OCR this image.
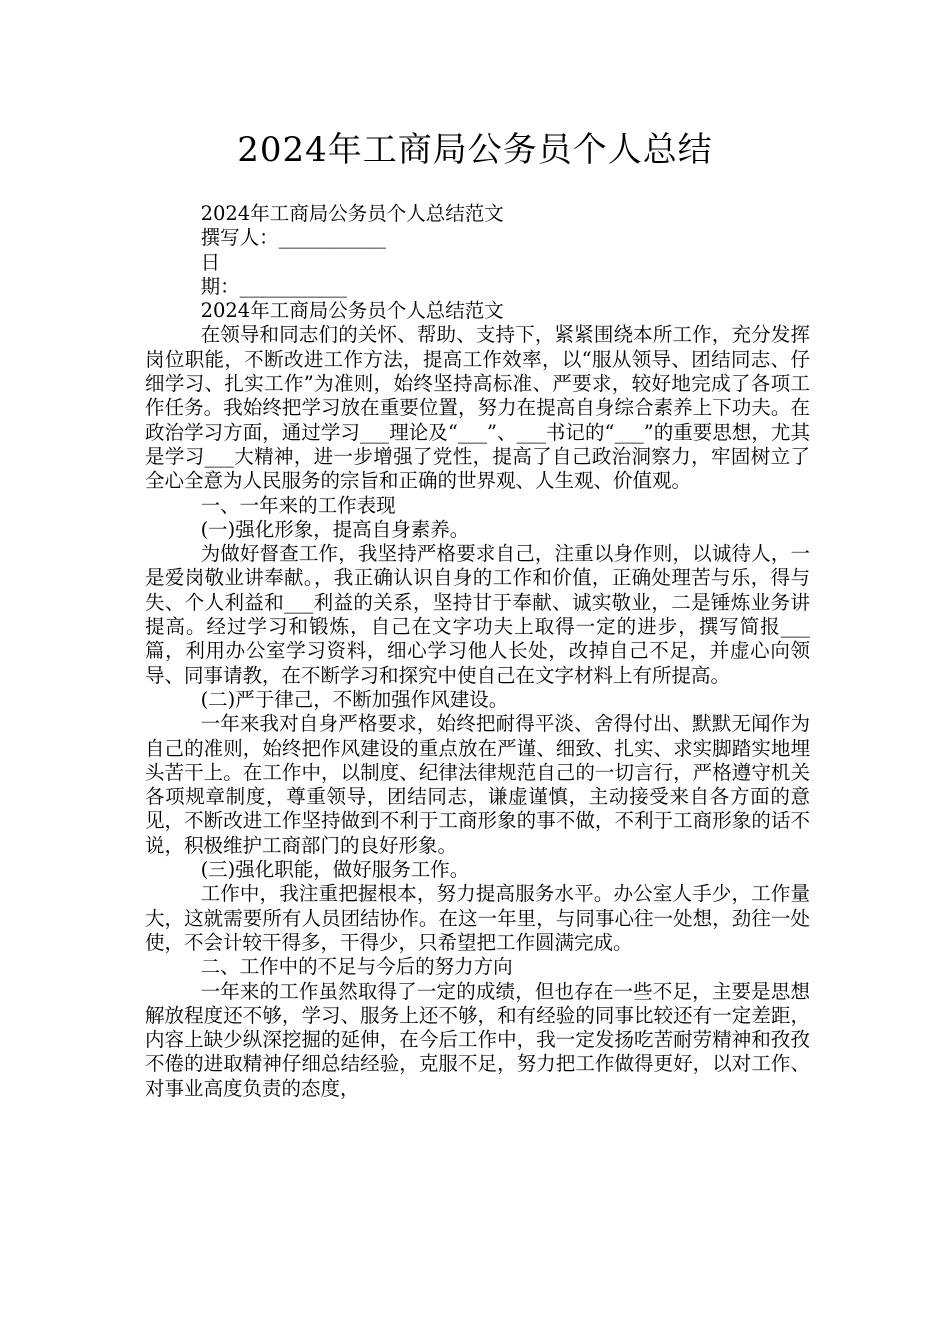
2024年工商局公务员个人总结

2024年工商局公务员个人总结范文

撰写人：___________

日

期：___________

2024年工商局公务员个人总结范文

在领导和同志们的关怀、帮助、支持下，紧紧围绕本所工作，充分发挥岗位职能，不断改进工作方法，提高工作效率，以“服从领导、团结同志、仔细学习、扎实工作”为准则，始终坚持高标准、严要求，较好地完成了各项工作任务。我始终把学习放在重要位置，努力在提高自身综合素养上下功夫。在政治学习方面，通过学习___理论及“___”、___书记的“___”的重要思想，尤其是学习___大精神，进一步增强了党性，提高了自己政治洞察力，牢固树立了全心全意为人民服务的宗旨和正确的世界观、人生观、价值观。

一、一年来的工作表现

(一)强化形象，提高自身素养。

为做好督查工作，我坚持严格要求自己，注重以身作则，以诚待人，一是爱岗敬业讲奉献。，我正确认识自身的工作和价值，正确处理苦与乐，得与失、个人利益和___利益的关系，坚持甘于奉献、诚实敬业，二是锤炼业务讲提高。经过学习和锻炼，自己在文字功夫上取得一定的进步，撰写简报___篇，利用办公室学习资料，细心学习他人长处，改掉自己不足，并虚心向领导、同事请教，在不断学习和探究中使自己在文字材料上有所提高。

(二)严于律己，不断加强作风建设。

一年来我对自身严格要求，始终把耐得平淡、舍得付出、默默无闻作为自己的准则，始终把作风建设的重点放在严谨、细致、扎实、求实脚踏实地埋头苦干上。在工作中，以制度、纪律法律规范自己的一切言行，严格遵守机关各项规章制度，尊重领导，团结同志，谦虚谨慎，主动接受来自各方面的意见，不断改进工作坚持做到不利于工商形象的事不做，不利于工商形象的话不说，积极维护工商部门的良好形象。

(三)强化职能，做好服务工作。

工作中，我注重把握根本，努力提高服务水平。办公室人手少，工作量大，这就需要所有人员团结协作。在这一年里，与同事心往一处想，劲往一处使，不会计较干得多，干得少，只希望把工作圆满完成。

二、工作中的不足与今后的努力方向

一年来的工作虽然取得了一定的成绩，但也存在一些不足，主要是思想解放程度还不够，学习、服务上还不够，和有经验的同事比较还有一定差距，内容上缺少纵深挖掘的延伸，在今后工作中，我一定发扬吃苦耐劳精神和孜孜不倦的进取精神仔细总结经验，克服不足，努力把工作做得更好，以对工作、对事业高度负责的态度，
